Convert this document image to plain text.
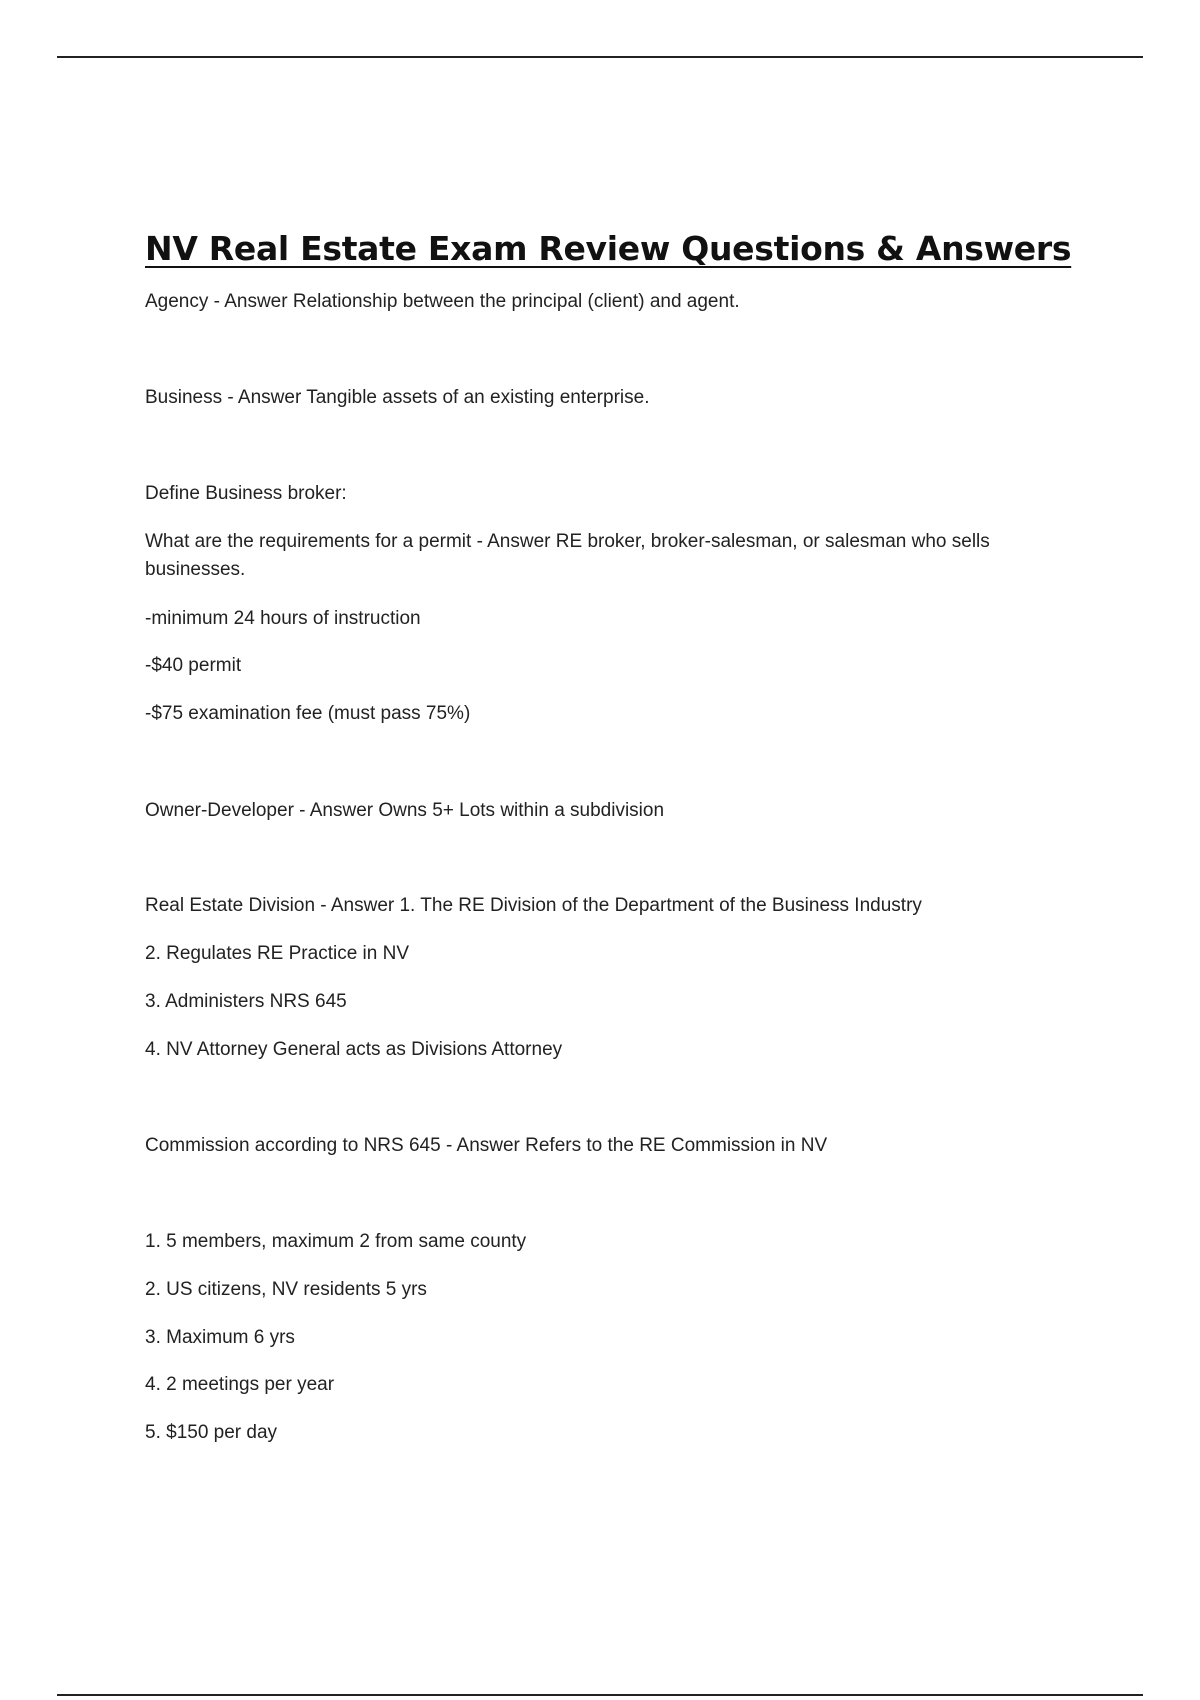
NV Real Estate Exam Review Questions & Answers

Agency - Answer Relationship between the principal (client) and agent.

Business - Answer Tangible assets of an existing enterprise.

Define Business broker:

What are the requirements for a permit - Answer RE broker, broker-salesman, or salesman who sells businesses.

-minimum 24 hours of instruction

-$40 permit

-$75 examination fee (must pass 75%)

Owner-Developer - Answer Owns 5+ Lots within a subdivision

Real Estate Division - Answer 1. The RE Division of the Department of the Business Industry

2. Regulates RE Practice in NV

3. Administers NRS 645

4. NV Attorney General acts as Divisions Attorney

Commission according to NRS 645 - Answer Refers to the RE Commission in NV

1. 5 members, maximum 2 from same county

2. US citizens, NV residents 5 yrs

3. Maximum 6 yrs

4. 2 meetings per year

5. $150 per day
